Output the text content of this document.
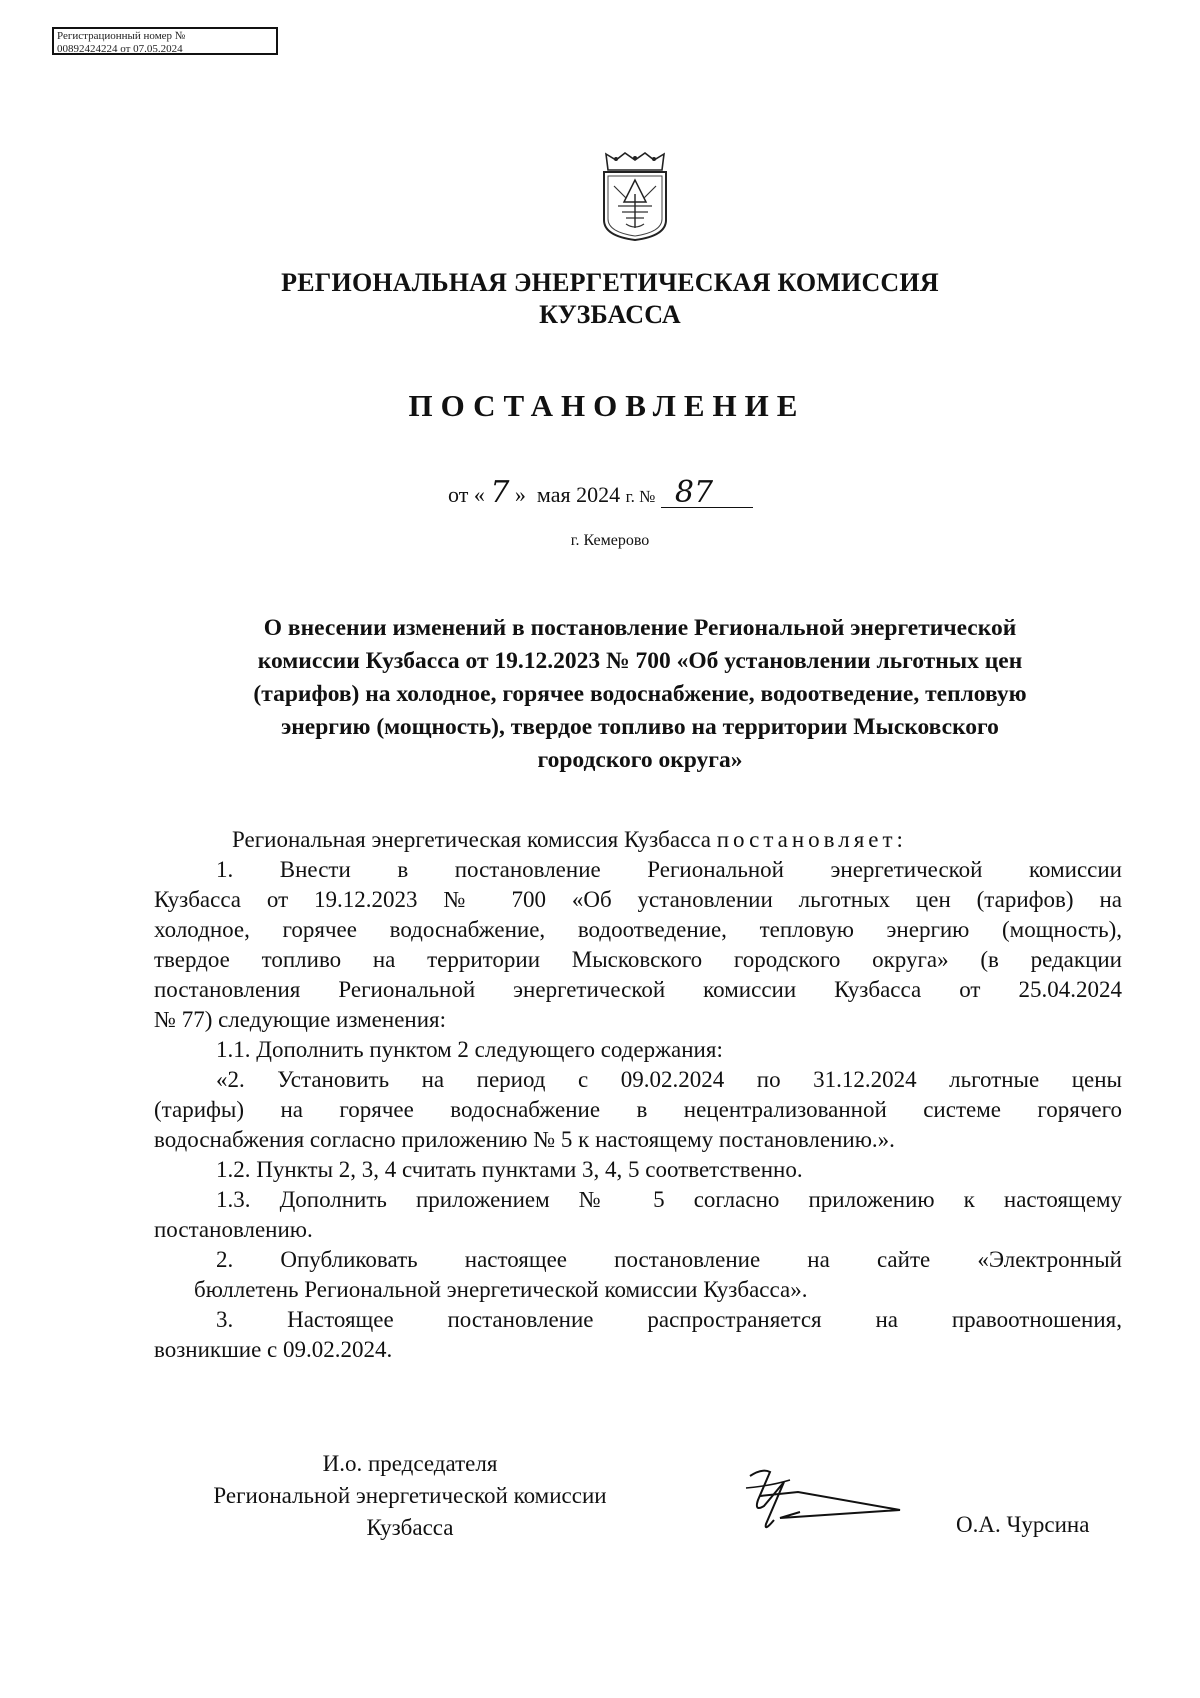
Регистрационный номер №
00892424224 от 07.05.2024
РЕГИОНАЛЬНАЯ ЭНЕРГЕТИЧЕСКАЯ КОМИССИЯ
КУЗБАССА
ПОСТАНОВЛЕНИЕ
от « 7 » мая 2024 г. № 87
г. Кемерово
О внесении изменений в постановление Региональной энергетической
комиссии Кузбасса от 19.12.2023 № 700 «Об установлении льготных цен
(тарифов) на холодное, горячее водоснабжение, водоотведение, тепловую
энергию (мощность), твердое топливо на территории Мысковского
городского округа»
Региональная энергетическая комиссия Кузбасса постановляет:
1. Внести в постановление Региональной энергетической комиссии
Кузбасса от 19.12.2023 № 700 «Об установлении льготных цен (тарифов) на
холодное, горячее водоснабжение, водоотведение, тепловую энергию (мощность),
твердое топливо на территории Мысковского городского округа» (в редакции
постановления Региональной энергетической комиссии Кузбасса от 25.04.2024
№ 77) следующие изменения:
1.1. Дополнить пунктом 2 следующего содержания:
«2. Установить на период с 09.02.2024 по 31.12.2024 льготные цены
(тарифы) на горячее водоснабжение в нецентрализованной системе горячего
водоснабжения согласно приложению № 5 к настоящему постановлению.».
1.2. Пункты 2, 3, 4 считать пунктами 3, 4, 5 соответственно.
1.3. Дополнить приложением № 5 согласно приложению к настоящему
постановлению.
2. Опубликовать настоящее постановление на сайте «Электронный
бюллетень Региональной энергетической комиссии Кузбасса».
3. Настоящее постановление распространяется на правоотношения,
возникшие с 09.02.2024.
И.о. председателя
Региональной энергетической комиссии
Кузбасса	О.А. Чурсина
